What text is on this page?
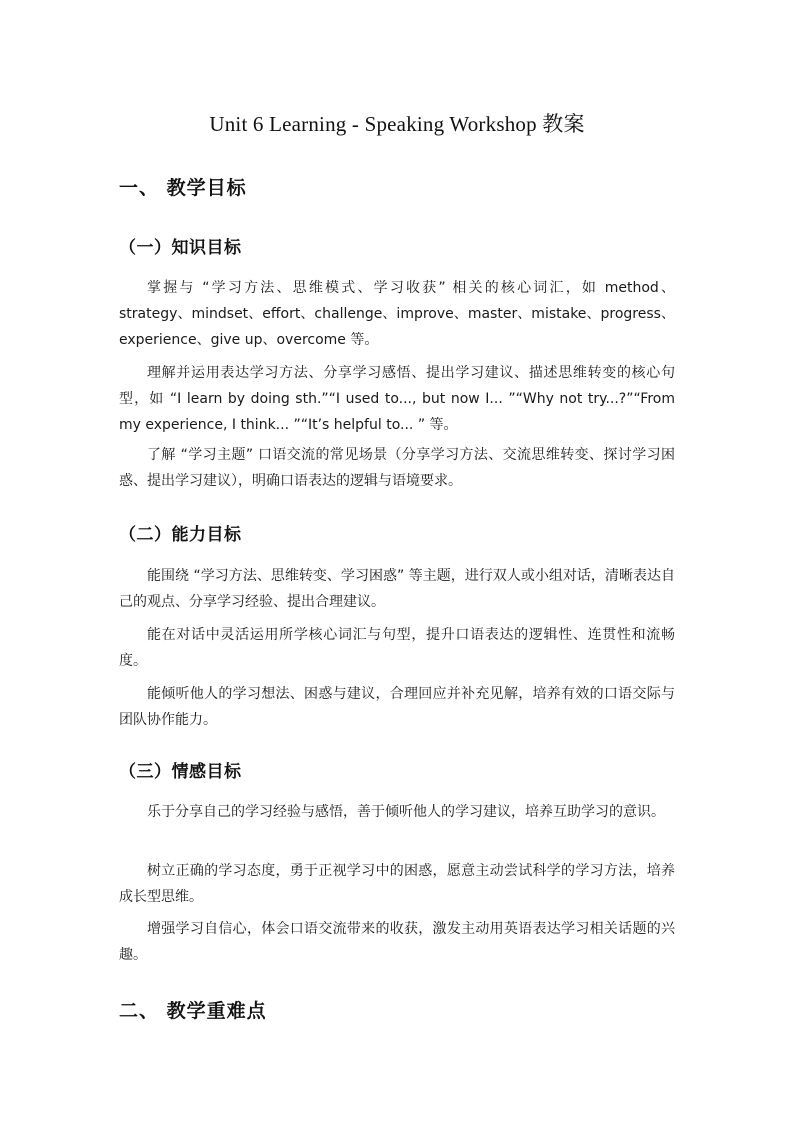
Unit 6 Learning - Speaking Workshop 教案
一、 教学目标
（一）知识目标
掌握与 “学习方法、思维模式、学习收获” 相关的核心词汇，如 method、strategy、mindset、effort、challenge、improve、master、mistake、progress、experience、give up、overcome 等。
理解并运用表达学习方法、分享学习感悟、提出学习建议、描述思维转变的核心句型，如 “I learn by doing sth.”“I used to..., but now I... ”“Why not try...?”“From my experience, I think... ”“It’s helpful to... ” 等。
了解 “学习主题” 口语交流的常见场景（分享学习方法、交流思维转变、探讨学习困惑、提出学习建议），明确口语表达的逻辑与语境要求。
（二）能力目标
能围绕 “学习方法、思维转变、学习困惑” 等主题，进行双人或小组对话，清晰表达自己的观点、分享学习经验、提出合理建议。
能在对话中灵活运用所学核心词汇与句型，提升口语表达的逻辑性、连贯性和流畅度。
能倾听他人的学习想法、困惑与建议，合理回应并补充见解，培养有效的口语交际与团队协作能力。
（三）情感目标
乐于分享自己的学习经验与感悟，善于倾听他人的学习建议，培养互助学习的意识。
树立正确的学习态度，勇于正视学习中的困惑，愿意主动尝试科学的学习方法，培养成长型思维。
增强学习自信心，体会口语交流带来的收获，激发主动用英语表达学习相关话题的兴趣。
二、 教学重难点
